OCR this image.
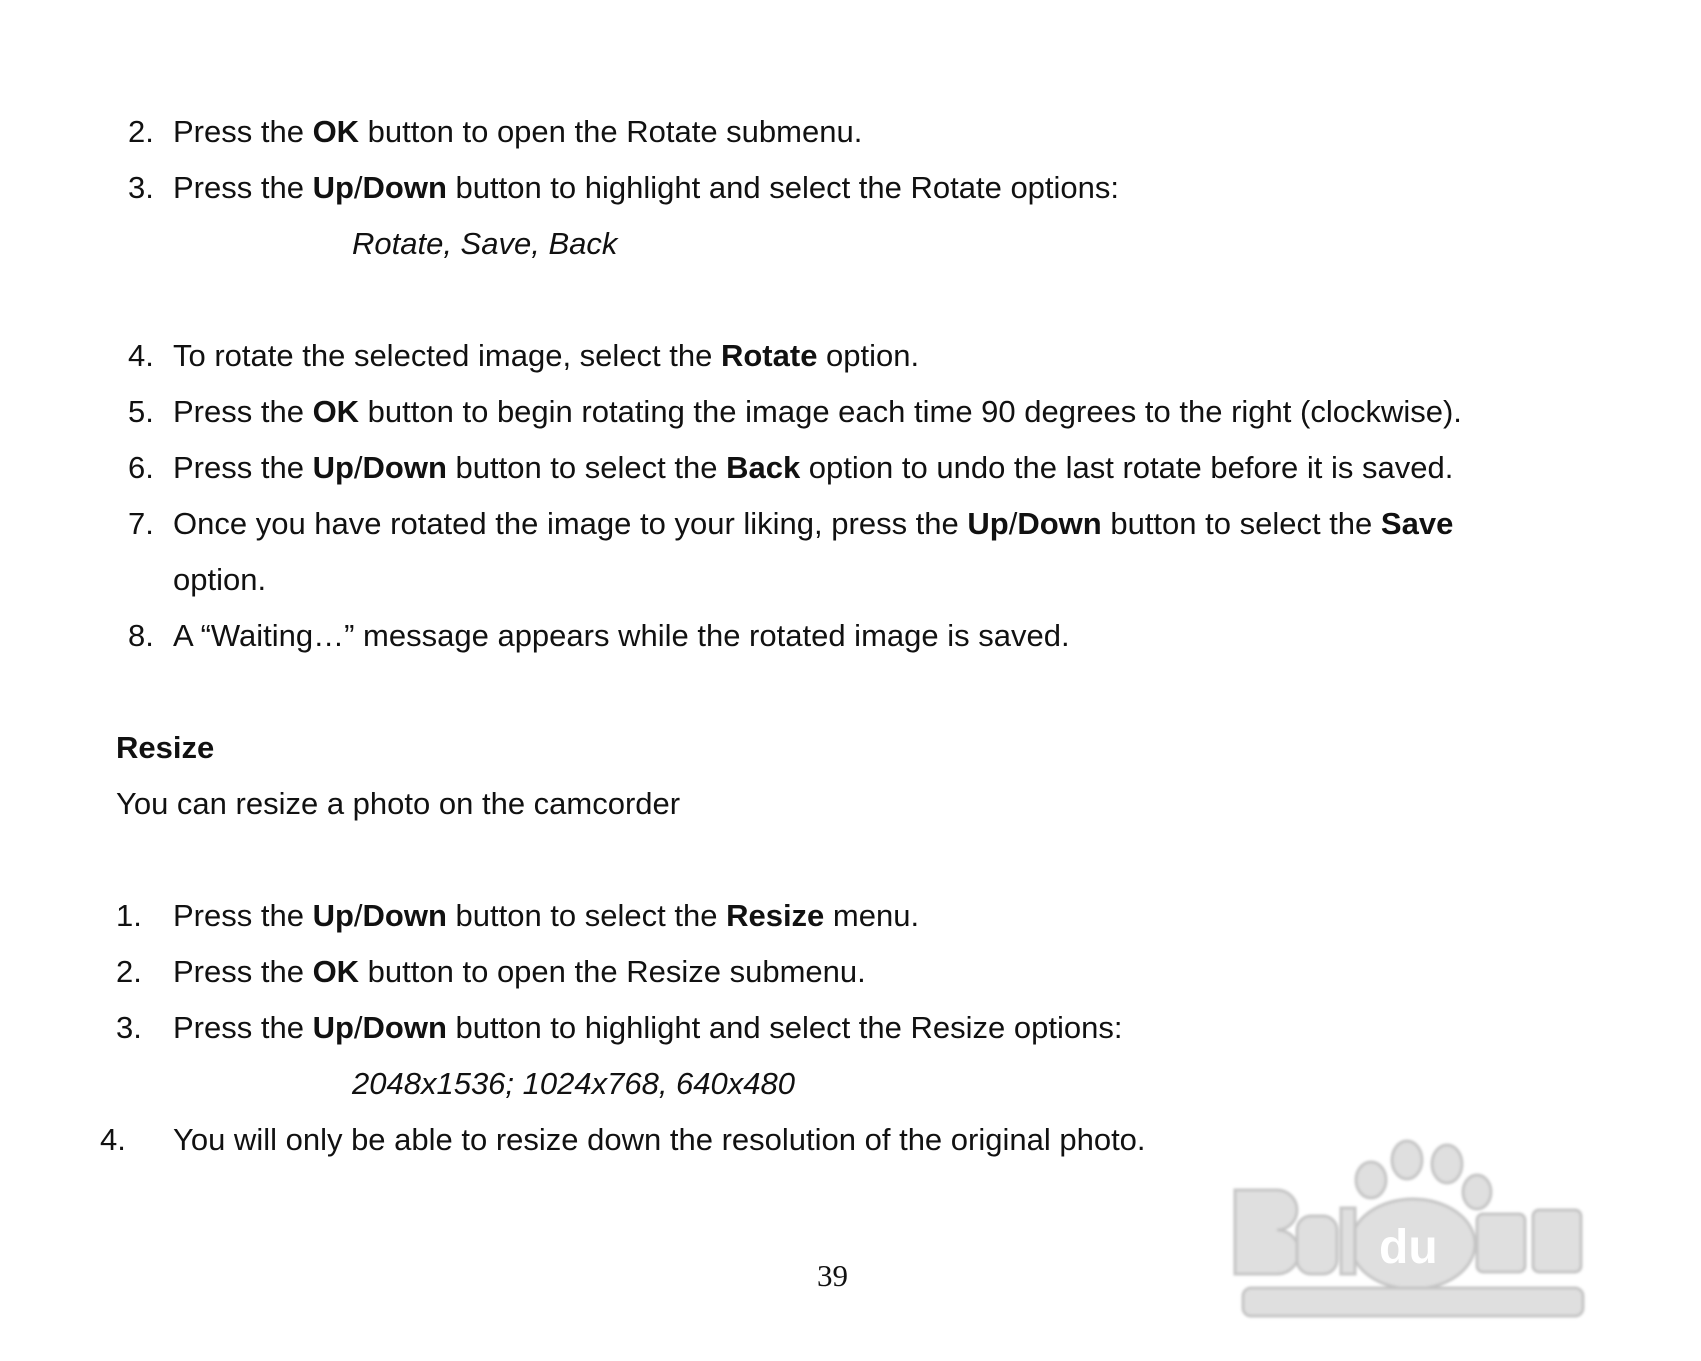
2. Press the OK button to open the Rotate submenu.
3. Press the Up/Down button to highlight and select the Rotate options:
Rotate, Save, Back
4. To rotate the selected image, select the Rotate option.
5. Press the OK button to begin rotating the image each time 90 degrees to the right (clockwise).
6. Press the Up/Down button to select the Back option to undo the last rotate before it is saved.
7. Once you have rotated the image to your liking, press the Up/Down button to select the Save
option.
8. A “Waiting…” message appears while the rotated image is saved.
Resize
You can resize a photo on the camcorder
1. Press the Up/Down button to select the Resize menu.
2. Press the OK button to open the Resize submenu.
3. Press the Up/Down button to highlight and select the Resize options:
2048x1536; 1024x768, 640x480
4. You will only be able to resize down the resolution of the original photo.
39
du
